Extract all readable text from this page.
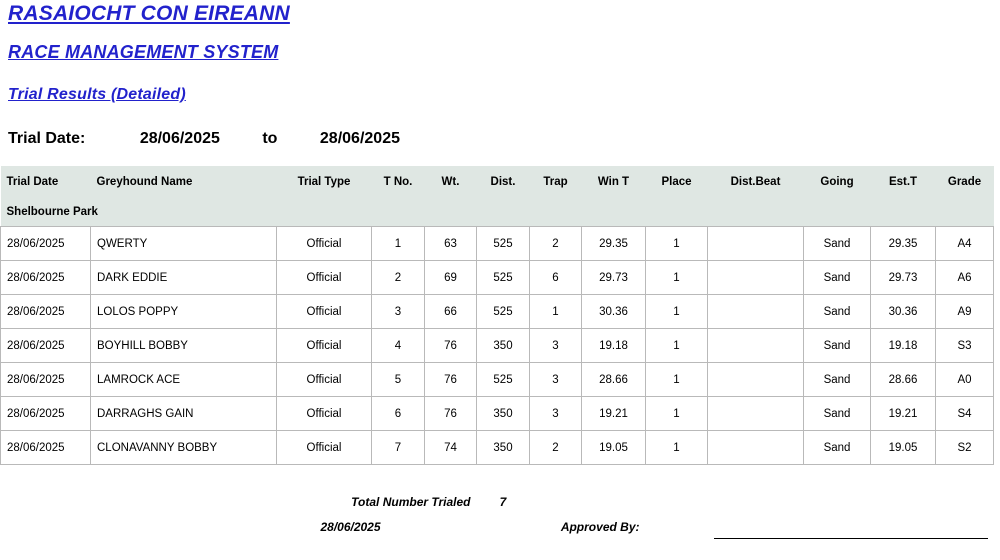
RASAIOCHT CON EIREANN
RACE MANAGEMENT SYSTEM
Trial Results (Detailed)
Trial Date:	28/06/2025	to	28/06/2025
Trial Date	Greyhound Name	Trial Type	T No.	Wt.	Dist.	Trap	Win T	Place	Dist.Beat	Going	Est.T	Grade
Shelbourne Park												
28/06/2025	QWERTY	Official	1	63	525	2	29.35	1		Sand	29.35	A4
28/06/2025	DARK EDDIE	Official	2	69	525	6	29.73	1		Sand	29.73	A6
28/06/2025	LOLOS POPPY	Official	3	66	525	1	30.36	1		Sand	30.36	A9
28/06/2025	BOYHILL BOBBY	Official	4	76	350	3	19.18	1		Sand	19.18	S3
28/06/2025	LAMROCK ACE	Official	5	76	525	3	28.66	1		Sand	28.66	A0
28/06/2025	DARRAGHS GAIN	Official	6	76	350	3	19.21	1		Sand	19.21	S4
28/06/2025	CLONAVANNY BOBBY	Official	7	74	350	2	19.05	1		Sand	19.05	S2

		Total Number Trialed			7							
		28/06/2025		Approved By:								
